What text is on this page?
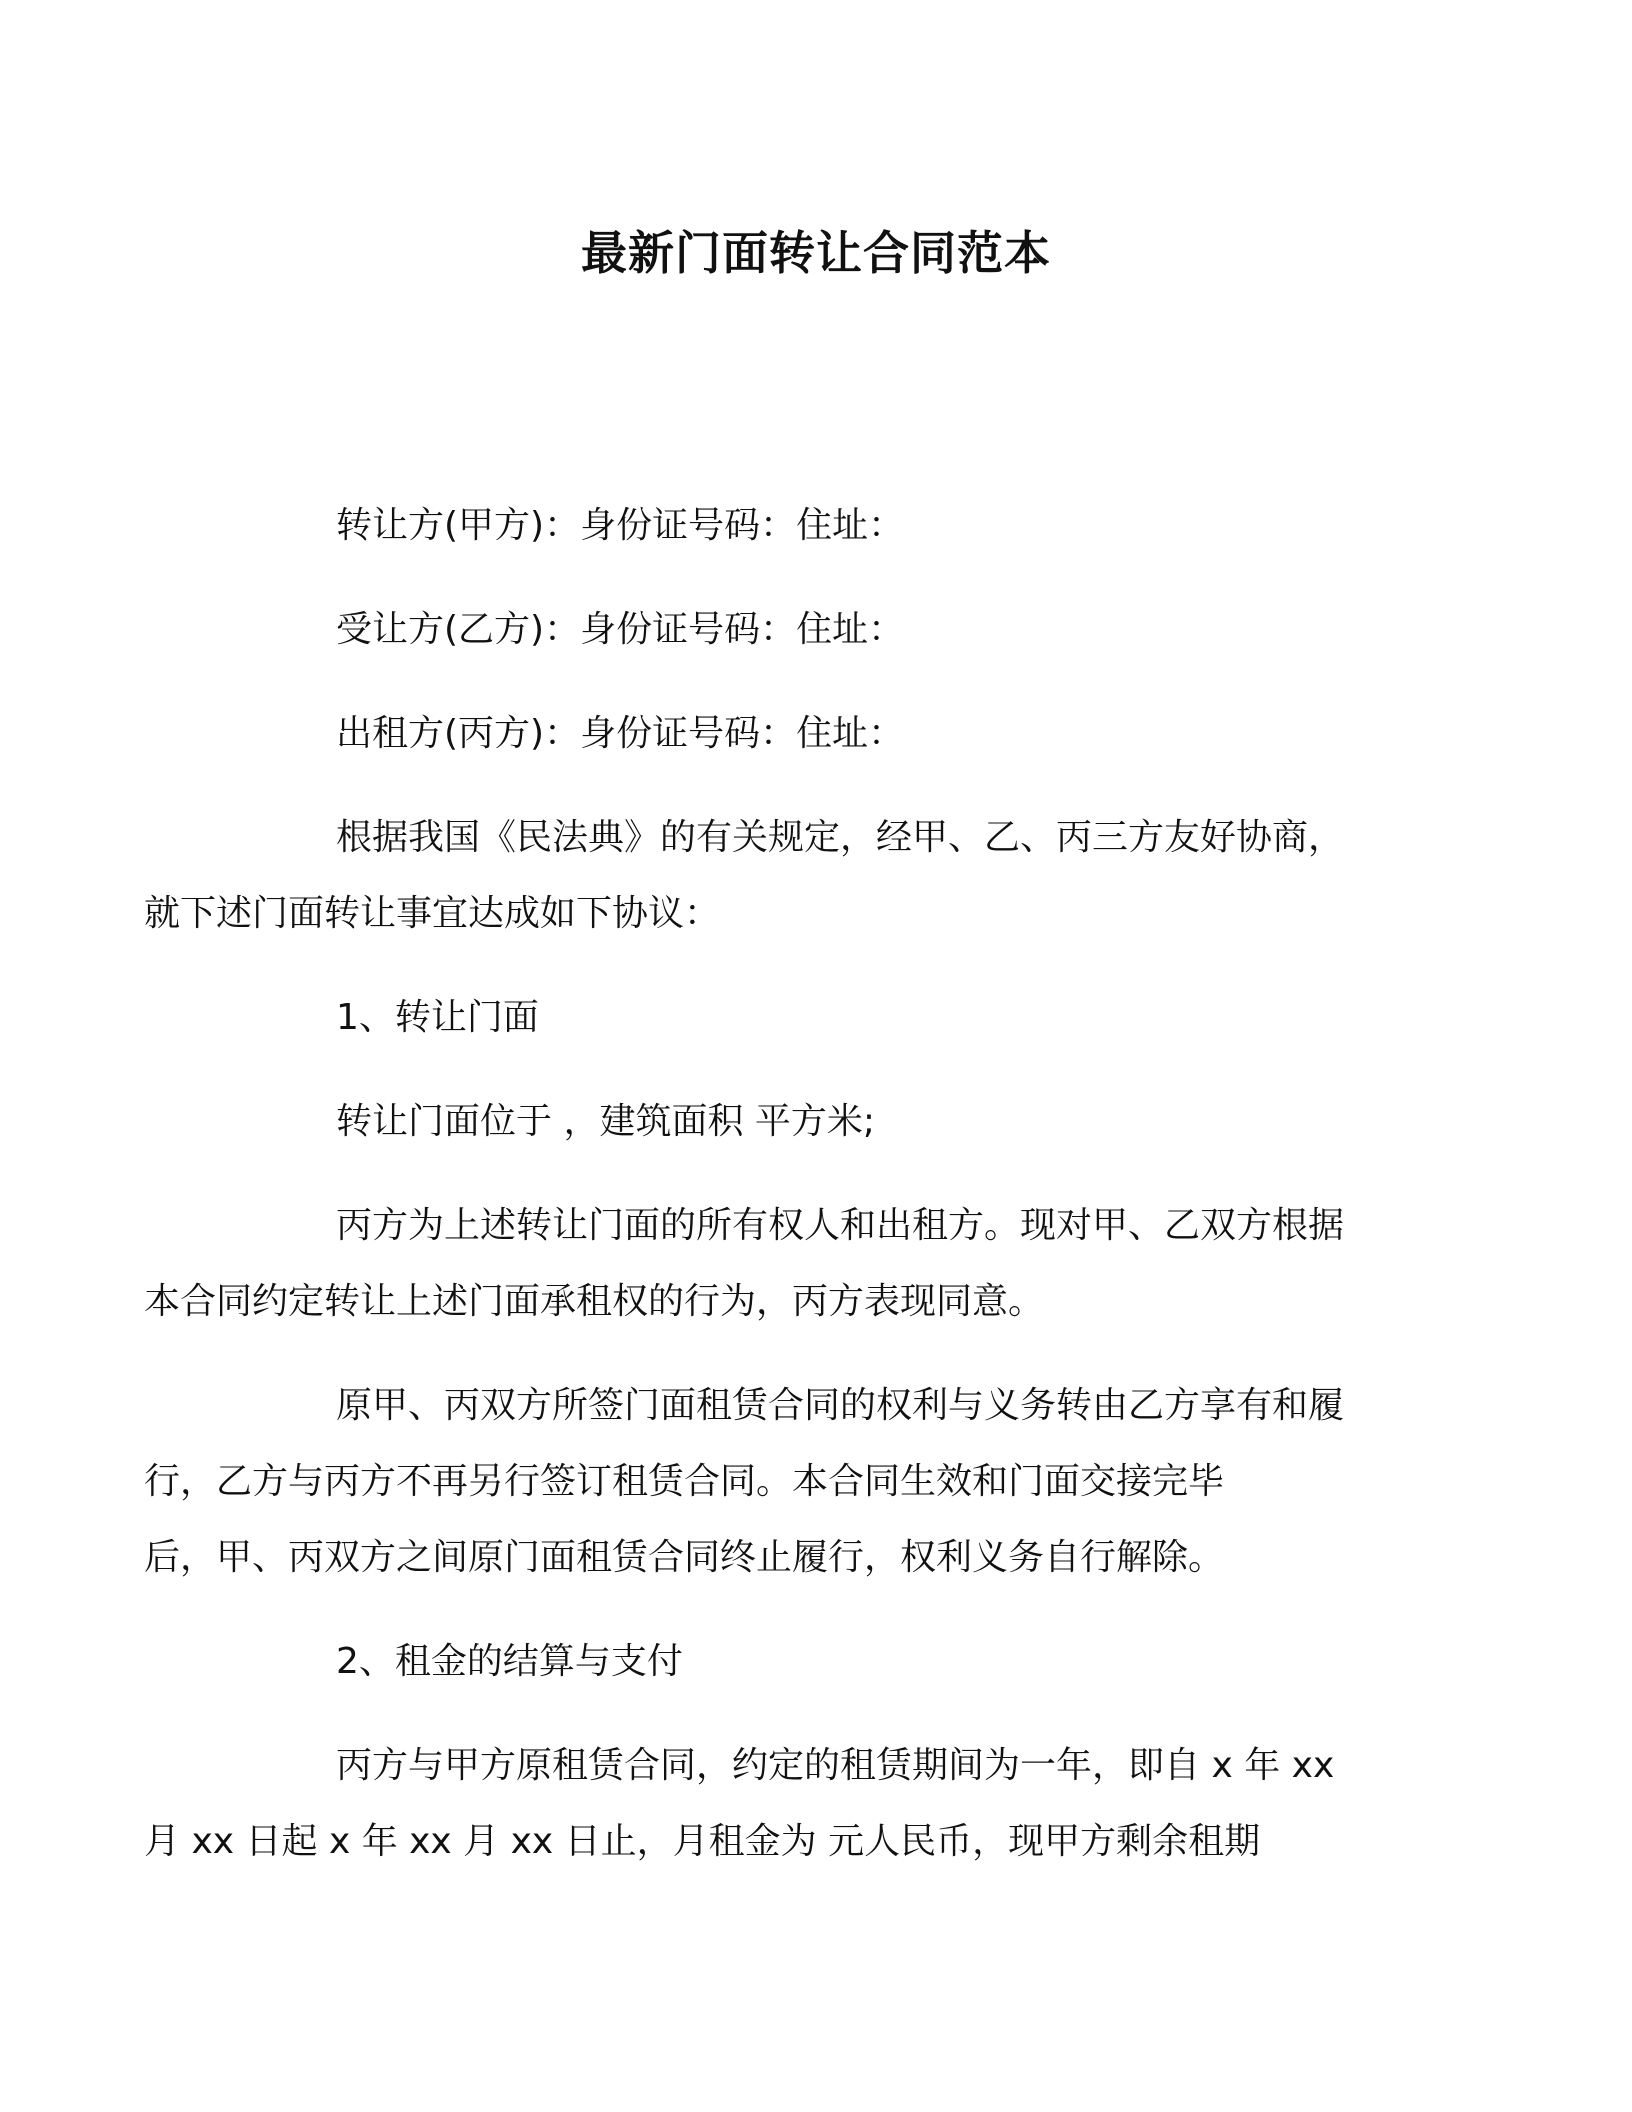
最新门面转让合同范本

转让方(甲方)：身份证号码：住址：

受让方(乙方)：身份证号码：住址：

出租方(丙方)：身份证号码：住址：

根据我国《民法典》的有关规定，经甲、乙、丙三方友好协商，
就下述门面转让事宜达成如下协议：

1、转让门面

转让门面位于 ，建筑面积 平方米;

丙方为上述转让门面的所有权人和出租方。现对甲、乙双方根据
本合同约定转让上述门面承租权的行为，丙方表现同意。

原甲、丙双方所签门面租赁合同的权利与义务转由乙方享有和履
行，乙方与丙方不再另行签订租赁合同。本合同生效和门面交接完毕
后，甲、丙双方之间原门面租赁合同终止履行，权利义务自行解除。

2、租金的结算与支付

丙方与甲方原租赁合同，约定的租赁期间为一年，即自 x 年 xx
月 xx 日起 x 年 xx 月 xx 日止，月租金为 元人民币，现甲方剩余租期
